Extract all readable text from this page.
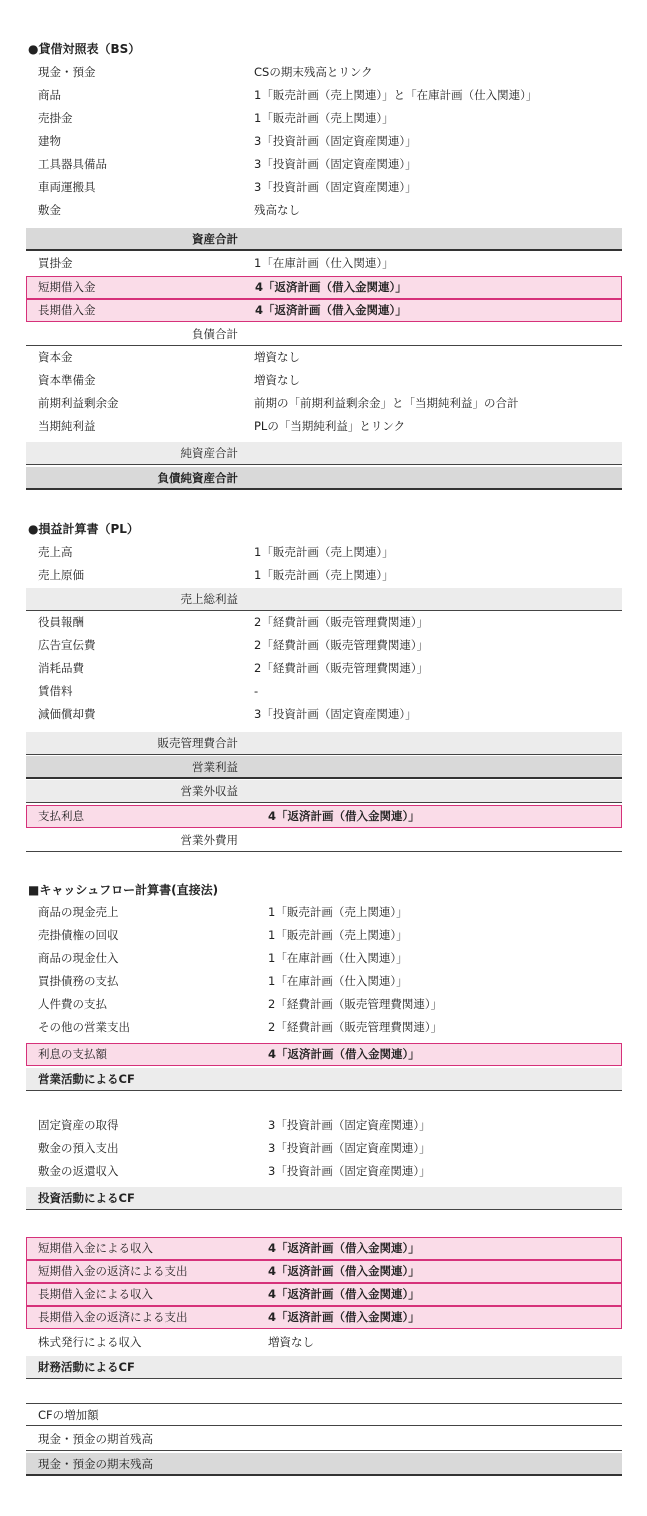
●貸借対照表（BS）
現金・預金	CSの期末残高とリンク
商品	1「販売計画（売上関連）」と「在庫計画（仕入関連）」
売掛金	1「販売計画（売上関連）」
建物	3「投資計画（固定資産関連）」
工具器具備品	3「投資計画（固定資産関連）」
車両運搬具	3「投資計画（固定資産関連）」
敷金	残高なし
資産合計
買掛金	1「在庫計画（仕入関連）」
短期借入金	4「返済計画（借入金関連）」
長期借入金	4「返済計画（借入金関連）」
負債合計
資本金	増資なし
資本準備金	増資なし
前期利益剰余金	前期の「前期利益剰余金」と「当期純利益」の合計
当期純利益	PLの「当期純利益」とリンク
純資産合計
負債純資産合計
●損益計算書（PL）
売上高	1「販売計画（売上関連）」
売上原価	1「販売計画（売上関連）」
売上総利益
役員報酬	2「経費計画（販売管理費関連）」
広告宣伝費	2「経費計画（販売管理費関連）」
消耗品費	2「経費計画（販売管理費関連）」
賃借料	-
減価償却費	3「投資計画（固定資産関連）」
販売管理費合計
営業利益
営業外収益
支払利息	4「返済計画（借入金関連）」
営業外費用
■キャッシュフロー計算書(直接法)
商品の現金売上	1「販売計画（売上関連）」
売掛債権の回収	1「販売計画（売上関連）」
商品の現金仕入	1「在庫計画（仕入関連）」
買掛債務の支払	1「在庫計画（仕入関連）」
人件費の支払	2「経費計画（販売管理費関連）」
その他の営業支出	2「経費計画（販売管理費関連）」
利息の支払額	4「返済計画（借入金関連）」
営業活動によるCF
固定資産の取得	3「投資計画（固定資産関連）」
敷金の預入支出	3「投資計画（固定資産関連）」
敷金の返還収入	3「投資計画（固定資産関連）」
投資活動によるCF
短期借入金による収入	4「返済計画（借入金関連）」
短期借入金の返済による支出	4「返済計画（借入金関連）」
長期借入金による収入	4「返済計画（借入金関連）」
長期借入金の返済による支出	4「返済計画（借入金関連）」
株式発行による収入	増資なし
財務活動によるCF
CFの増加額
現金・預金の期首残高
現金・預金の期末残高
